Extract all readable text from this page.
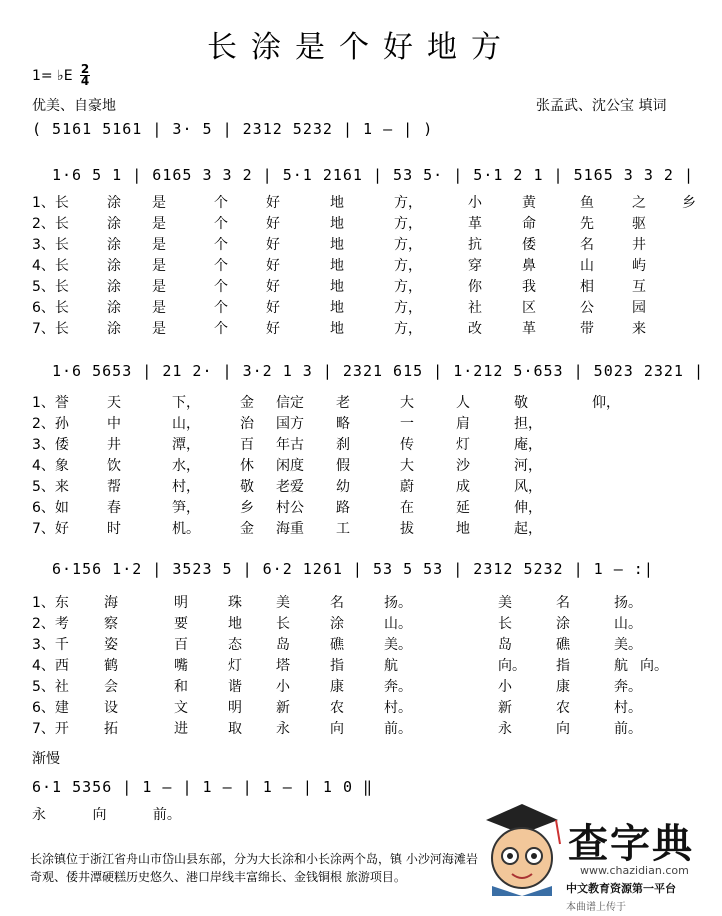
长涂是个好地方
1= ♭E 2
4
优美、自豪地	张孟武、沈公宝 填词
( 5161 5161 | 3· 5 | 2312 5232 | 1 — | )
1·6 5 1 | 6165 3 3 2 | 5·1 2161 | 53 5· | 5·1 2 1 | 5165 3 3 2 |
1、长	涂 是	个	好	地	方，	小	黄	鱼	之	乡
2、长	涂 是	个	好	地	方，	革	命	先	驱
3、长	涂 是	个	好	地	方，	抗	倭	名	井
4、长	涂 是	个	好	地	方，	穿	鼻	山	屿
5、长	涂 是	个	好	地	方，	你	我	相	互
6、长	涂 是	个	好	地	方，	社	区	公	园
7、长	涂 是	个	好	地	方，	改	革	带	来
1·6 5653 | 21 2· | 3·2 1 3 | 2321 615 | 1·212 5·653 | 5023 2321 |
1、誉	天	下，	金 信定 老	大	人	敬	仰，
2、孙	中	山，	治 国方 略	一	肩	担，
3、倭	井	潭，	百 年古 刹	传	灯	庵，
4、象	饮	水，	休 闲度 假	大	沙	河，
5、来	帮	村，	敬 老爱 幼	蔚	成	风，
6、如	春	笋，	乡 村公 路	在	延	伸，
7、好	时	机。	金 海重 工	拔	地	起，
6·156 1·2 | 3523 5 | 6·2 1261 | 53 5 53 | 2312 5232 | 1 — :|
1、东	海	明	珠 美	名	扬。	美	名	扬。
2、考	察	要	地 长	涂	山。	长	涂	山。
3、千	姿	百	态 岛	礁	美。	岛	礁	美。
4、西	鹤	嘴	灯 塔	指	航	向。 指	航 向。
5、社	会	和	谐 小	康	奔。	小	康	奔。
6、建	设	文	明 新	农	村。	新	农	村。
7、开	拓	进	取 永	向	前。	永	向	前。
渐慢
6·1 5356 | 1 — | 1 — | 1 — | 1 0 ‖
永	向	前。
长涂镇位于浙江省舟山市岱山县东部，分为大长涂和小长涂两个岛，镇 小沙河海滩岩奇观、倭井潭硬糕历史悠久、港口岸线丰富绵长、金钱铜根 旅游项目。
查字典
www.chazidian.com
中文教育资源第一平台
本曲谱上传于
